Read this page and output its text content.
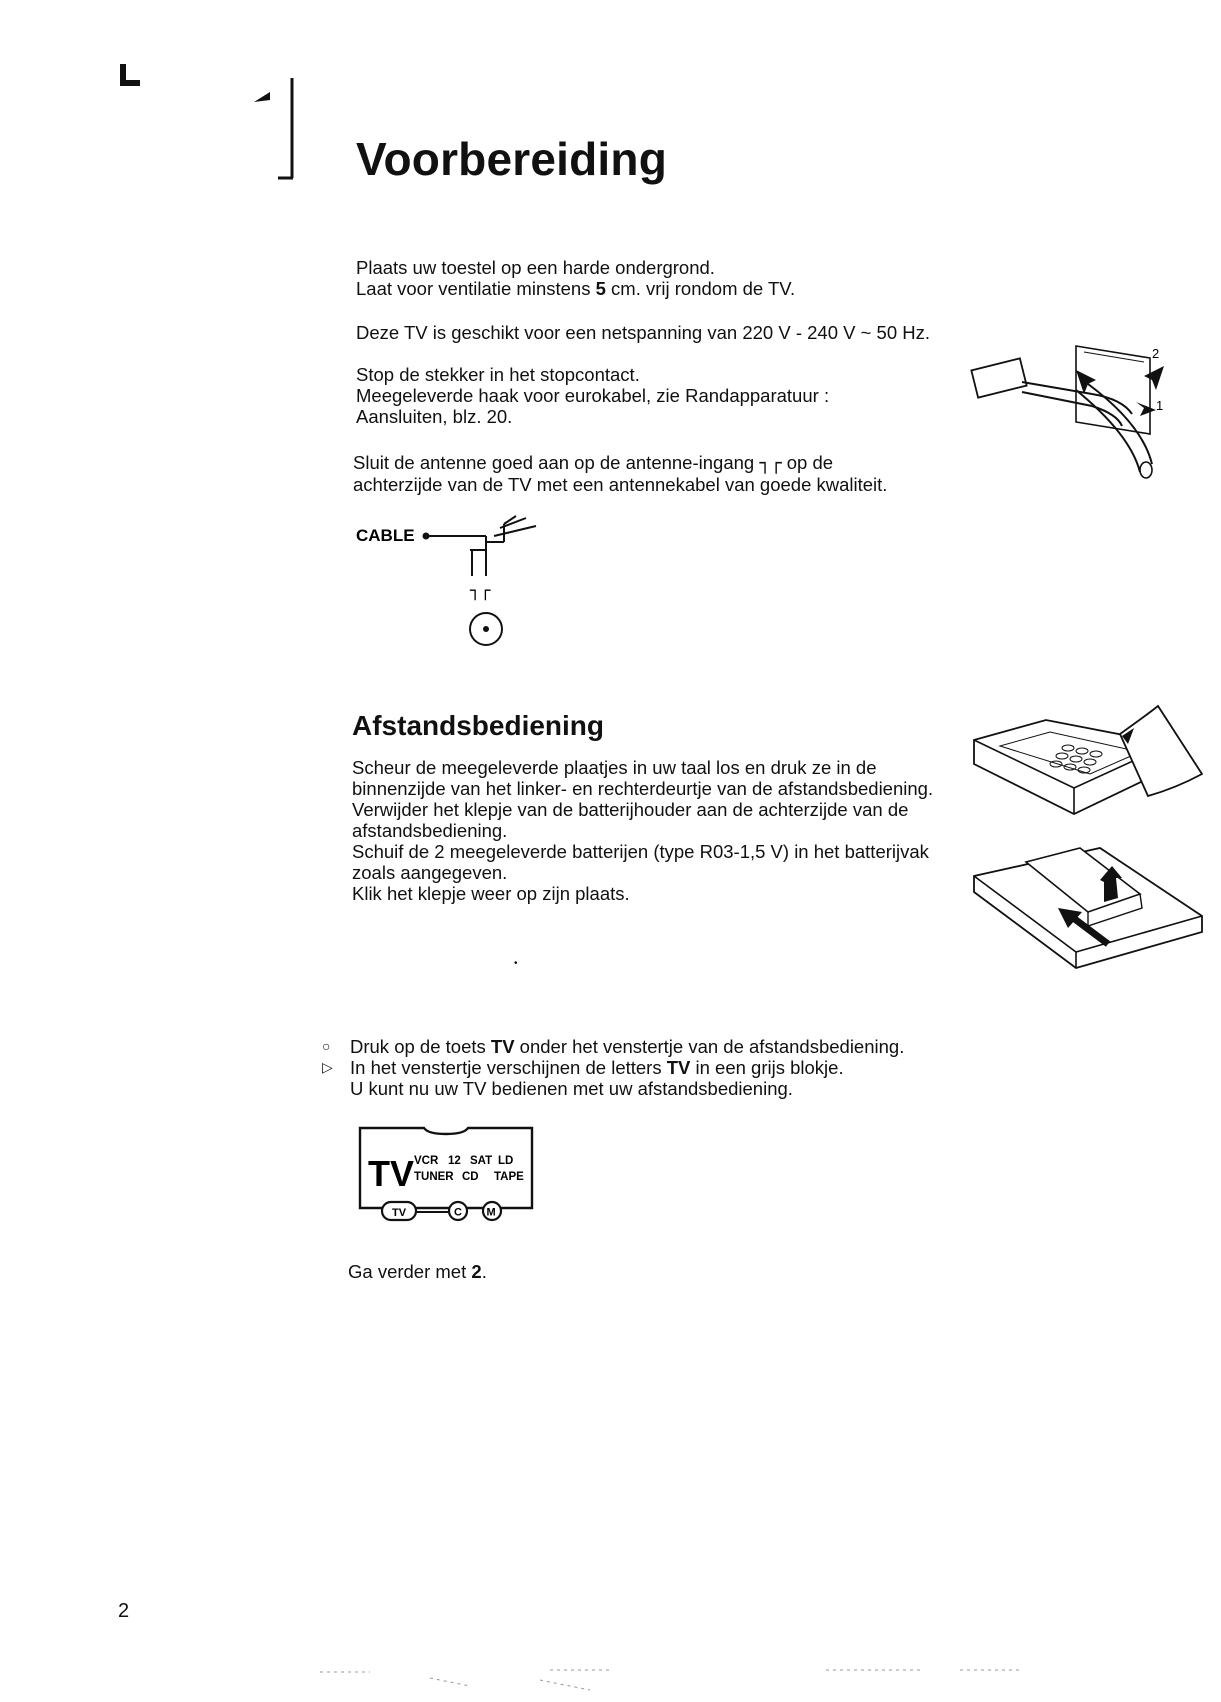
Voorbereiding
Plaats uw toestel op een harde ondergrond.
Laat voor ventilatie minstens 5 cm. vrij rondom de TV.
Deze TV is geschikt voor een netspanning van 220 V - 240 V ~ 50 Hz.
Stop de stekker in het stopcontact.
Meegeleverde haak voor eurokabel, zie Randapparatuur :
Aansluiten, blz. 20.
2
1
Sluit de antenne goed aan op de antenne-ingang ┐┌ op de
achterzijde van de TV met een antennekabel van goede kwaliteit.
CABLE
┐┌
Afstandsbediening
Scheur de meegeleverde plaatjes in uw taal los en druk ze in de
binnenzijde van het linker- en rechterdeurtje van de afstandsbediening.
Verwijder het klepje van de batterijhouder aan de achterzijde van de
afstandsbediening.
Schuif de 2 meegeleverde batterijen (type R03-1,5 V) in het batterijvak
zoals aangegeven.
Klik het klepje weer op zijn plaats.
•
○ Druk op de toets TV onder het venstertje van de afstandsbediening.
▷ In het venstertje verschijnen de letters TV in een grijs blokje.
U kunt nu uw TV bedienen met uw afstandsbediening.
TV VCR 12 SAT LD
TUNER CD TAPE
TV	C M
Ga verder met 2.
2
